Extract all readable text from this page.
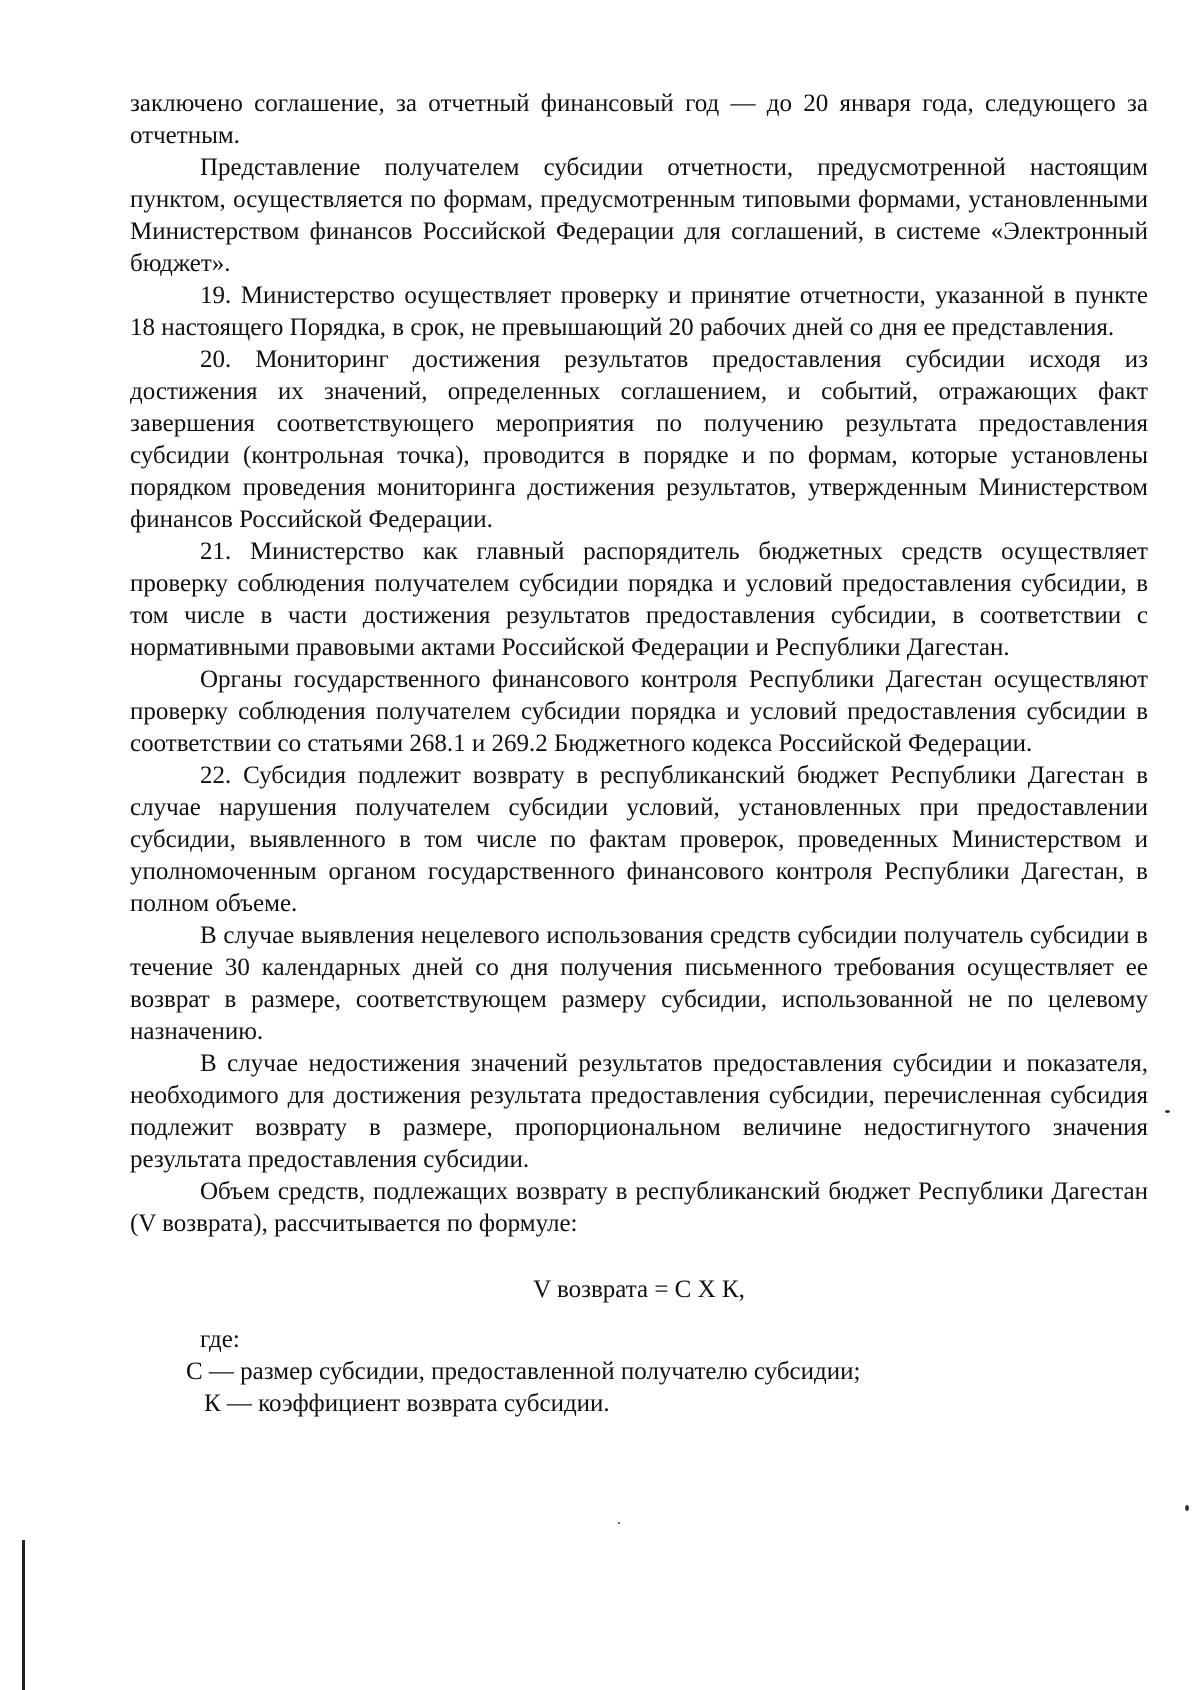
заключено соглашение, за отчетный финансовый год — до 20 января года, следующего за отчетным.

Представление получателем субсидии отчетности, предусмотренной настоящим пунктом, осуществляется по формам, предусмотренным типовыми формами, установленными Министерством финансов Российской Федерации для соглашений, в системе «Электронный бюджет».

19. Министерство осуществляет проверку и принятие отчетности, указанной в пункте 18 настоящего Порядка, в срок, не превышающий 20 рабочих дней со дня ее представления.

20. Мониторинг достижения результатов предоставления субсидии исходя из достижения их значений, определенных соглашением, и событий, отражающих факт завершения соответствующего мероприятия по получению результата предоставления субсидии (контрольная точка), проводится в порядке и по формам, которые установлены порядком проведения мониторинга достижения результатов, утвержденным Министерством финансов Российской Федерации.

21. Министерство как главный распорядитель бюджетных средств осуществляет проверку соблюдения получателем субсидии порядка и условий предоставления субсидии, в том числе в части достижения результатов предоставления субсидии, в соответствии с нормативными правовыми актами Российской Федерации и Республики Дагестан.

Органы государственного финансового контроля Республики Дагестан осуществляют проверку соблюдения получателем субсидии порядка и условий предоставления субсидии в соответствии со статьями 268.1 и 269.2 Бюджетного кодекса Российской Федерации.

22. Субсидия подлежит возврату в республиканский бюджет Республики Дагестан в случае нарушения получателем субсидии условий, установленных при предоставлении субсидии, выявленного в том числе по фактам проверок, проведенных Министерством и уполномоченным органом государственного финансового контроля Республики Дагестан, в полном объеме.

В случае выявления нецелевого использования средств субсидии получатель субсидии в течение 30 календарных дней со дня получения письменного требования осуществляет ее возврат в размере, соответствующем размеру субсидии, использованной не по целевому назначению.

В случае недостижения значений результатов предоставления субсидии и показателя, необходимого для достижения результата предоставления субсидии, перечисленная субсидия подлежит возврату в размере, пропорциональном величине недостигнутого значения результата предоставления субсидии.

Объем средств, подлежащих возврату в республиканский бюджет Республики Дагестан (V возврата), рассчитывается по формуле:

V возврата = С X К,

где:

С — размер субсидии, предоставленной получателю субсидии;

К — коэффициент возврата субсидии.
